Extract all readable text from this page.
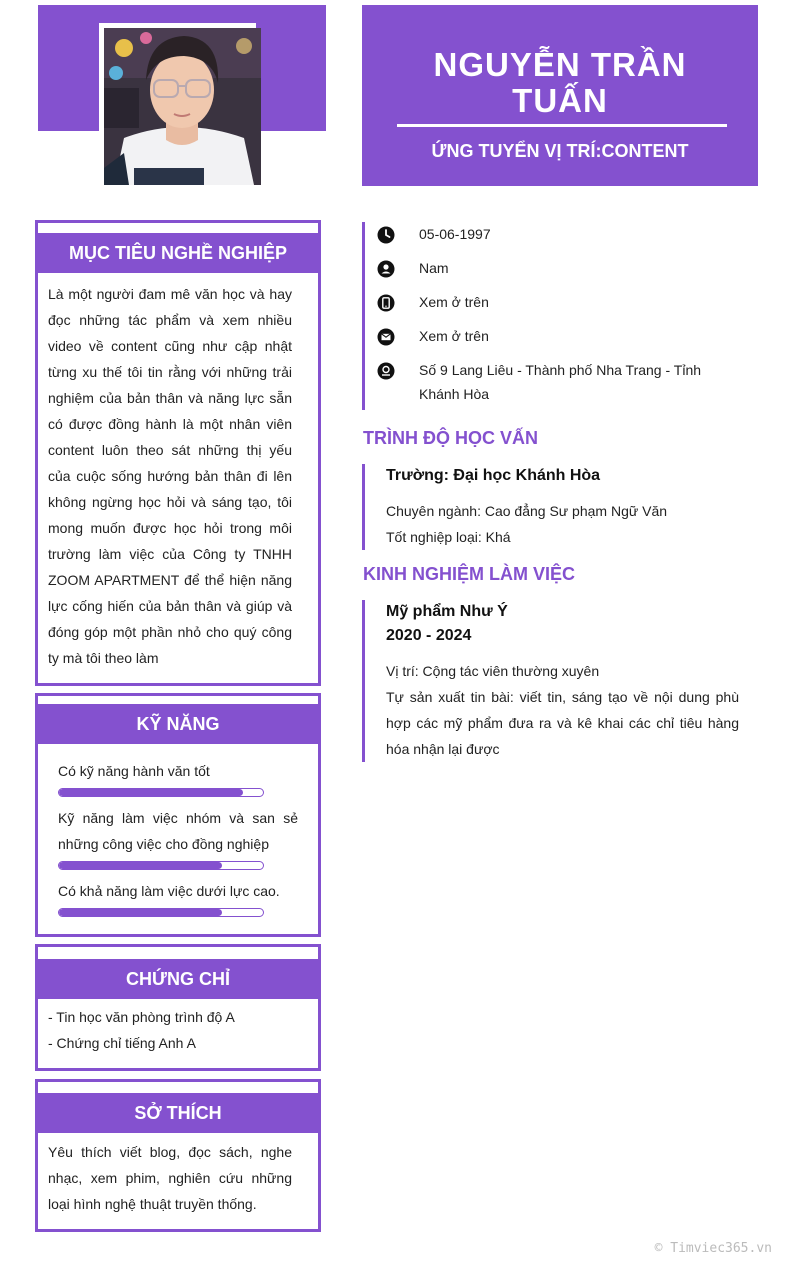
NGUYỄN TRẦN
TUẤN
ỨNG TUYỂN VỊ TRÍ:CONTENT
MỤC TIÊU NGHỀ NGHIỆP
Là một người đam mê văn học và hay đọc những tác phẩm và xem nhiều video về content cũng như cập nhật từng xu thế tôi tin rằng với những trải nghiệm của bản thân và năng lực sẵn có được đồng hành là một nhân viên content luôn theo sát những thị yếu của cuộc sống hướng bản thân đi lên không ngừng học hỏi và sáng tạo, tôi mong muốn được học hỏi trong môi trường làm việc của Công ty TNHH ZOOM APARTMENT để thể hiện năng lực cống hiến của bản thân và giúp và đóng góp một phần nhỏ cho quý công ty mà tôi theo làm
KỸ NĂNG
Có kỹ năng hành văn tốt
Kỹ năng làm việc nhóm và san sẻ những công việc cho đồng nghiệp
Có khả năng làm việc dưới lực cao.
CHỨNG CHỈ
- Tin học văn phòng trình độ A
- Chứng chỉ tiếng Anh A
SỞ THÍCH
Yêu thích viết blog, đọc sách, nghe nhạc, xem phim, nghiên cứu những loại hình nghệ thuật truyền thống.
05-06-1997
Nam
Xem ở trên
Xem ở trên
Số 9 Lang Liêu - Thành phố Nha Trang - Tỉnh
Khánh Hòa
TRÌNH ĐỘ HỌC VẤN
Trường: Đại học Khánh Hòa
Chuyên ngành: Cao đẳng Sư phạm Ngữ Văn
Tốt nghiệp loại: Khá
KINH NGHIỆM LÀM VIỆC
Mỹ phẩm Như Ý
2020 - 2024
Vị trí: Cộng tác viên thường xuyên
Tự sản xuất tin bài: viết tin, sáng tạo về nội dung phù hợp các mỹ phẩm đưa ra và kê khai các chỉ tiêu hàng hóa nhận lại được
© Timviec365.vn
